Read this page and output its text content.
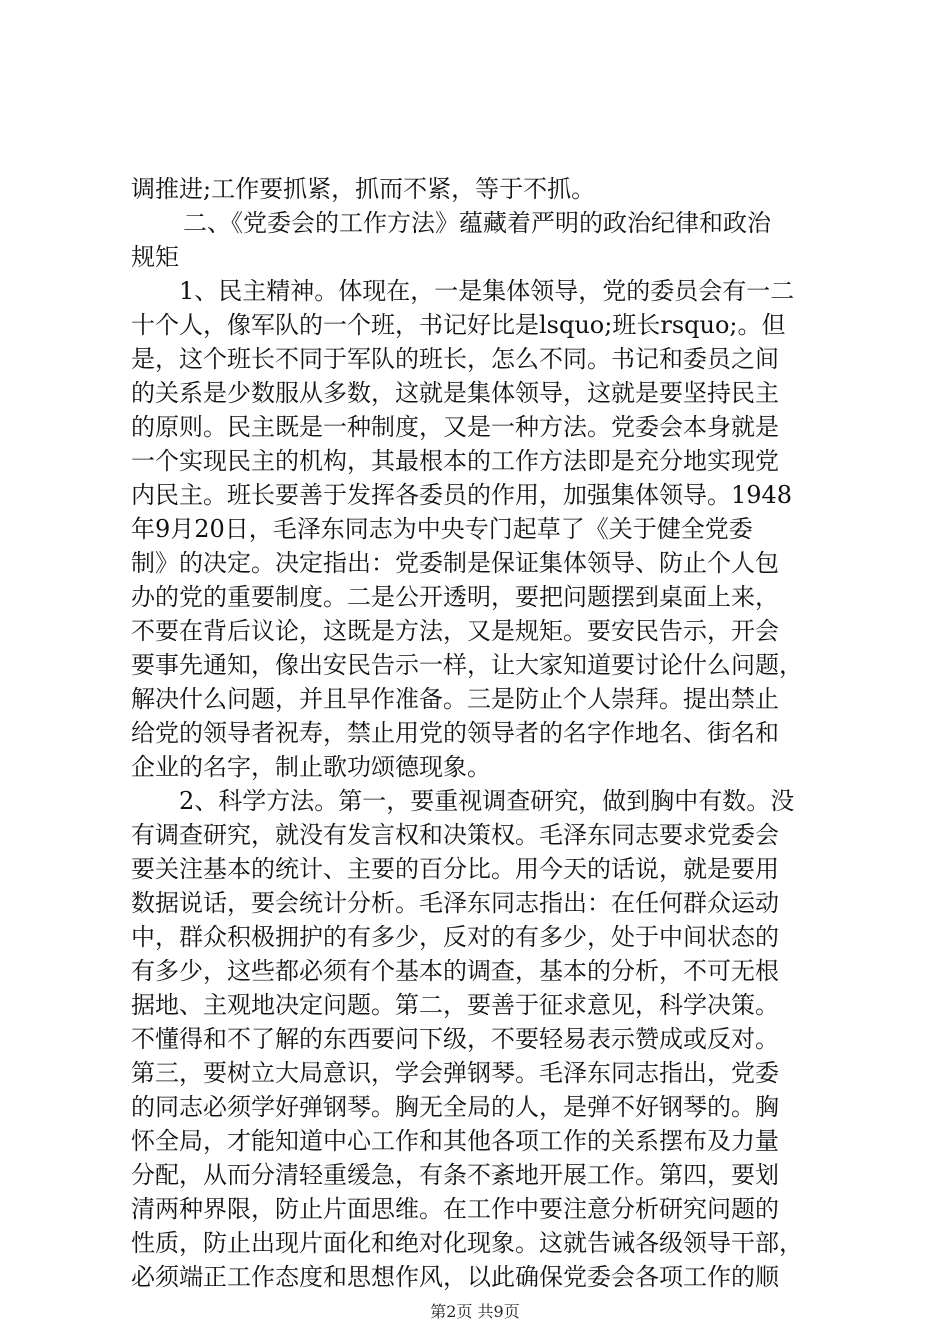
调推进;工作要抓紧，抓而不紧，等于不抓。
二、《党委会的工作方法》蕴藏着严明的政治纪律和政治
规矩
1、民主精神。体现在，一是集体领导，党的委员会有一二
十个人，像军队的一个班，书记好比是lsquo;班长rsquo;。但
是，这个班长不同于军队的班长，怎么不同。书记和委员之间
的关系是少数服从多数，这就是集体领导，这就是要坚持民主
的原则。民主既是一种制度，又是一种方法。党委会本身就是
一个实现民主的机构，其最根本的工作方法即是充分地实现党
内民主。班长要善于发挥各委员的作用，加强集体领导。1948
年9月20日，毛泽东同志为中央专门起草了《关于健全党委
制》的决定。决定指出：党委制是保证集体领导、防止个人包
办的党的重要制度。二是公开透明，要把问题摆到桌面上来，
不要在背后议论，这既是方法，又是规矩。要安民告示，开会
要事先通知，像出安民告示一样，让大家知道要讨论什么问题，
解决什么问题，并且早作准备。三是防止个人崇拜。提出禁止
给党的领导者祝寿，禁止用党的领导者的名字作地名、街名和
企业的名字，制止歌功颂德现象。
2、科学方法。第一，要重视调查研究，做到胸中有数。没
有调查研究，就没有发言权和决策权。毛泽东同志要求党委会
要关注基本的统计、主要的百分比。用今天的话说，就是要用
数据说话，要会统计分析。毛泽东同志指出：在任何群众运动
中，群众积极拥护的有多少，反对的有多少，处于中间状态的
有多少，这些都必须有个基本的调查，基本的分析，不可无根
据地、主观地决定问题。第二，要善于征求意见，科学决策。
不懂得和不了解的东西要问下级，不要轻易表示赞成或反对。
第三，要树立大局意识，学会弹钢琴。毛泽东同志指出，党委
的同志必须学好弹钢琴。胸无全局的人，是弹不好钢琴的。胸
怀全局，才能知道中心工作和其他各项工作的关系摆布及力量
分配，从而分清轻重缓急，有条不紊地开展工作。第四，要划
清两种界限，防止片面思维。在工作中要注意分析研究问题的
性质，防止出现片面化和绝对化现象。这就告诫各级领导干部，
必须端正工作态度和思想作风，以此确保党委会各项工作的顺
第2页 共9页
